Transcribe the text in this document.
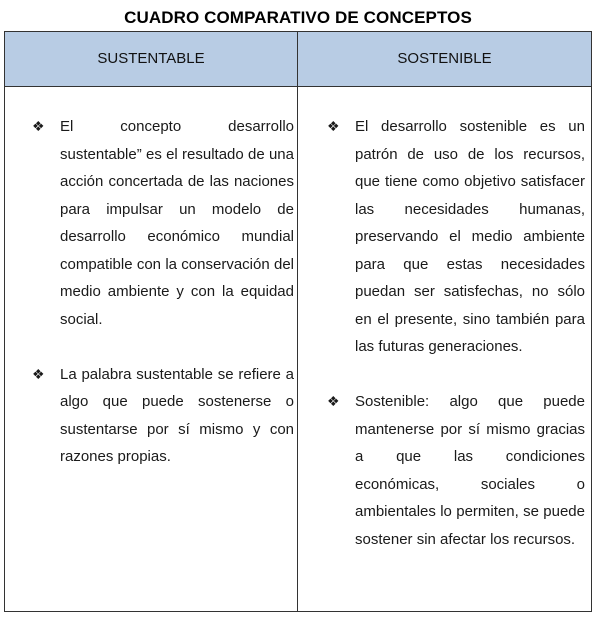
CUADRO COMPARATIVO DE CONCEPTOS
SUSTENTABLE	SOSTENIBLE
❖ El concepto desarrollo sustentable” es el resultado de una acción concertada de las naciones para impulsar un modelo de desarrollo económico mundial compatible con la conservación del medio ambiente y con la equidad social.
❖ La palabra sustentable se refiere a algo que puede sostenerse o sustentarse por sí mismo y con razones propias.
❖ El desarrollo sostenible es un patrón de uso de los recursos, que tiene como objetivo satisfacer las necesidades humanas, preservando el medio ambiente para que estas necesidades puedan ser satisfechas, no sólo en el presente, sino también para las futuras generaciones.
❖ Sostenible: algo que puede mantenerse por sí mismo gracias a que las condiciones económicas, sociales o ambientales lo permiten, se puede sostener sin afectar los recursos.
